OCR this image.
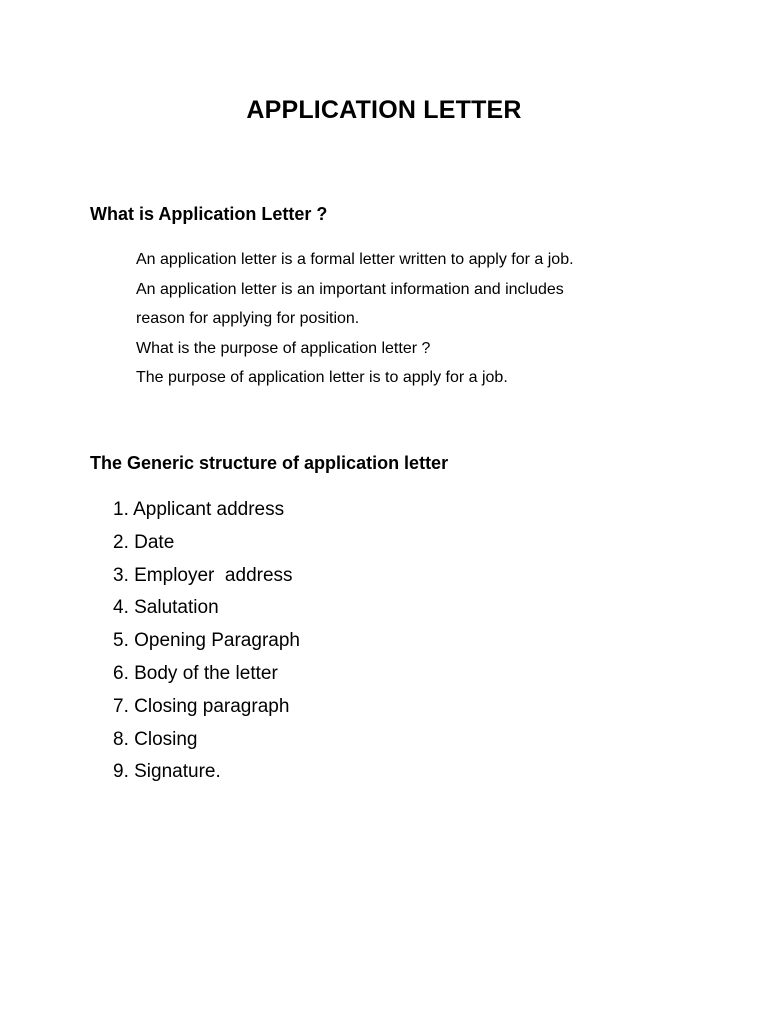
APPLICATION LETTER
What is Application Letter ?

An application letter is a formal letter written to apply for a job.
An application letter is an important information and includes
reason for applying for position.
What is the purpose of application letter ?
The purpose of application letter is to apply for a job.

The Generic structure of application letter
1. Applicant address
2. Date
3. Employer  address
4. Salutation
5. Opening Paragraph
6. Body of the letter
7. Closing paragraph
8. Closing
9. Signature.
